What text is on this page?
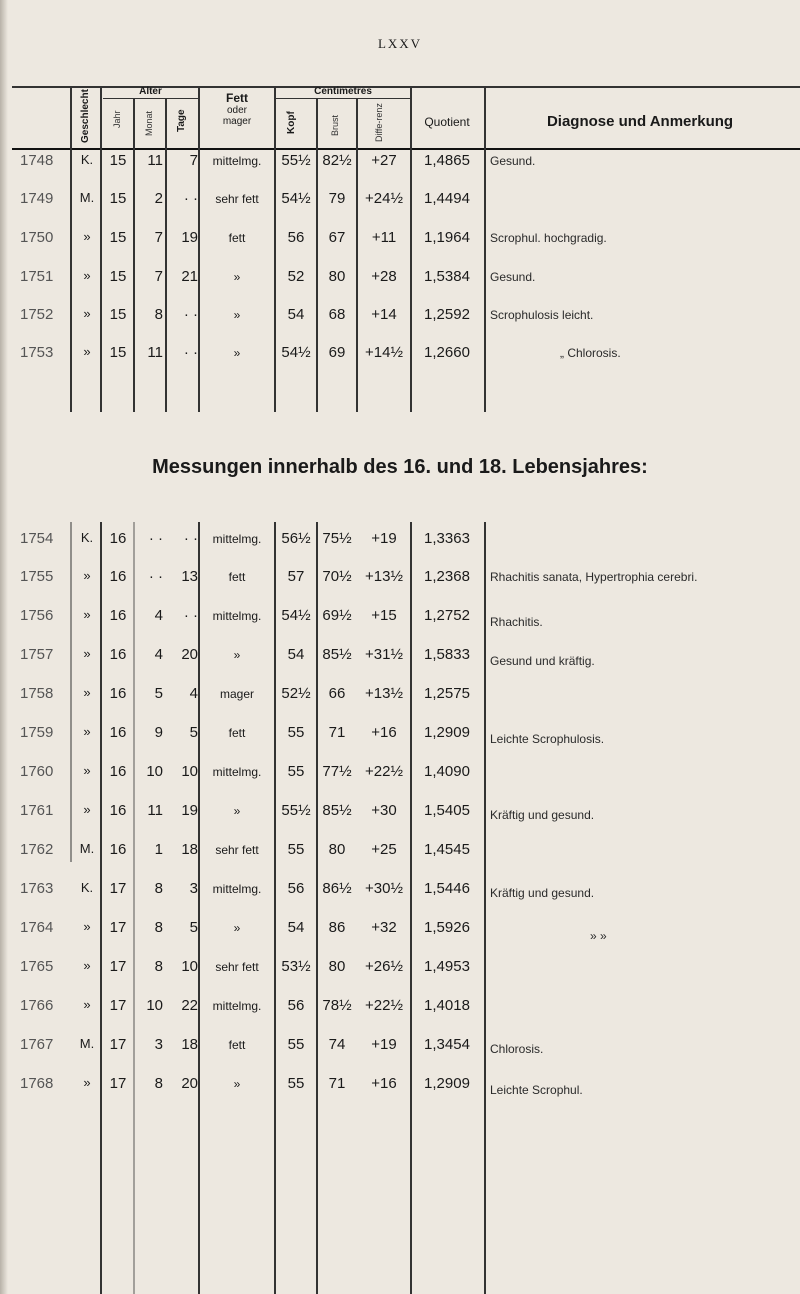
LXXV
Geschlecht	Alter
Jahr Monat Tage
Fett
oder
mager
Centimetres
Kopf	Brust	Diffe-renz	Quotient	Diagnose und Anmerkung
1748	K.	15	11	7	mittelmg.	55½ 82½	+27	1,4865	Gesund.
1749	M.	15	2	· ·	sehr fett	54½	79	+24½	1,4494
1750	»	15	7	19	fett	56	67	+11	1,1964	Scrophul. hochgradig.
1751	»	15	7	21	»	52	80	+28	1,5384	Gesund.
1752	»	15	8	· ·	»	54	68	+14	1,2592	Scrophulosis leicht.
1753	»	15	11	· ·	»	54½	69	+14½	1,2660	„ Chlorosis.
Messungen innerhalb des 16. und 18. Lebensjahres:
1754	K.	16	· ·	· ·	mittelmg.	56½ 75½	+19	1,3363
1755	»	16	· ·	13	fett	57	70½ +13½	1,2368	Rhachitis sanata, Hypertrophia cerebri.
1756	»	16	4	· ·	mittelmg.	54½ 69½	+15	1,2752	Rhachitis.
1757	»	16	4	20	»	54	85½ +31½	1,5833	Gesund und kräftig.
1758	»	16	5	4	mager	52½	66	+13½	1,2575
1759	»	16	9	5	fett	55	71	+16	1,2909	Leichte Scrophulosis.
1760	»	16	10	10	mittelmg.	55	77½ +22½	1,4090
1761	»	16	11	19	»	55½ 85½	+30	1,5405	Kräftig und gesund.
1762	M.	16	1	18	sehr fett	55	80	+25	1,4545
1763	K.	17	8	3	mittelmg.	56	86½ +30½	1,5446	Kräftig und gesund.
1764	»	17	8	5	»	54	86	+32	1,5926	» »
1765	»	17	8	10	sehr fett	53½	80	+26½	1,4953
1766	»	17	10	22	mittelmg.	56	78½ +22½	1,4018
1767	M.	17	3	18	fett	55	74	+19	1,3454	Chlorosis.
1768	»	17	8	20	»	55	71	+16	1,2909	Leichte Scrophul.
